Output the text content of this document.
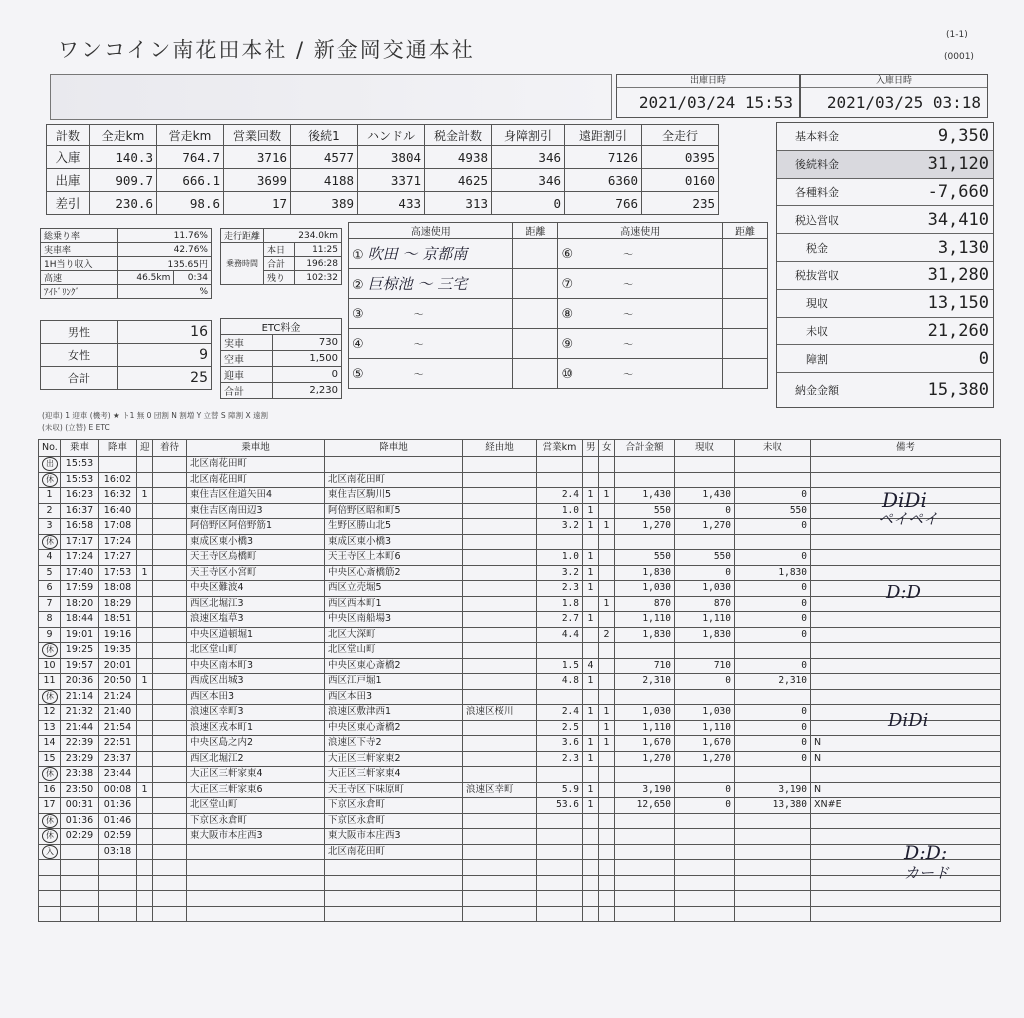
ワンコイン南花田本社 / 新金岡交通本社
(1-1)
(0001)
出庫日時
2021/03/24 15:53
入庫日時
2021/03/25 03:18
計数	全走km	営走km	営業回数	後続1	ハンドル	税金計数	身障割引	遠距割引	全走行
入庫	140.3	764.7	3716	4577	3804	4938	346	7126	0395
出庫	909.7	666.1	3699	4188	3371	4625	346	6360	0160
差引	230.6	98.6	17	389	433	313	0	766	235
基本料金	9,350
後続料金	31,120
各種料金	-7,660
税込営収	34,410
税金	3,130
税抜営収	31,280
現収	13,150
未収	21,260
障割	0
納金金額	15,380
総乗り率	11.76%	
実車率	42.76%	
1H当り収入	135.65円	
高速	46.5km	0:34
ｱｲﾄﾞﾘﾝｸﾞ	%	
男性	16
女性	9
合計	25
走行距離	234.0km	
乗務時間	本日	11:25
	合計	196:28
	残り	102:32
ETC料金	
実車	730
空車	1,500
迎車	0
合計	2,230
高速使用	距離	高速使用	距離
① 吹田 ～ 京都南		⑥ ～	
② 巨椋池 ～ 三宅		⑦ ～	
③ ～		⑧ ～	
④ ～		⑨ ～	
⑤ ～		⑩ ～	
(迎車) 1 迎車 (機考) ★ ト1 無 0 団割 N 割増 Y 立替 S 障割 X 遠割
(未収) (立替) E ETC
No.	乗車	降車	迎	着待	乗車地	降車地	経由地	営業km	男	女	合計金額	現収	未収	備考
出	15:53				北区南花田町									
休	15:53	16:02			北区南花田町	北区南花田町								
1	16:23	16:32	1		東住吉区住道矢田4	東住吉区駒川5		2.4	1	1	1,430	1,430	0	
2	16:37	16:40			東住吉区南田辺3	阿倍野区昭和町5		1.0	1		550	0	550	
3	16:58	17:08			阿倍野区阿倍野筋1	生野区勝山北5		3.2	1	1	1,270	1,270	0	
休	17:17	17:24			東成区東小橋3	東成区東小橋3								
4	17:24	17:27			天王寺区烏橋町	天王寺区上本町6		1.0	1		550	550	0	
5	17:40	17:53	1		天王寺区小宮町	中央区心斎橋筋2		3.2	1		1,830	0	1,830	
6	17:59	18:08			中央区難波4	西区立売堀5		2.3	1		1,030	1,030	0	
7	18:20	18:29			西区北堀江3	西区西本町1		1.8		1	870	870	0	
8	18:44	18:51			浪速区塩草3	中央区南船場3		2.7	1		1,110	1,110	0	
9	19:01	19:16			中央区道頓堀1	北区大深町		4.4		2	1,830	1,830	0	
休	19:25	19:35			北区堂山町	北区堂山町								
10	19:57	20:01			中央区南本町3	中央区東心斎橋2		1.5	4		710	710	0	
11	20:36	20:50	1		西成区出城3	西区江戸堀1		4.8	1		2,310	0	2,310	
休	21:14	21:24			西区本田3	西区本田3								
12	21:32	21:40			浪速区幸町3	浪速区敷津西1	浪速区桜川	2.4	1	1	1,030	1,030	0	
13	21:44	21:54			浪速区戎本町1	中央区東心斎橋2		2.5		1	1,110	1,110	0	
14	22:39	22:51			中央区島之内2	浪速区下寺2		3.6	1	1	1,670	1,670	0	N
15	23:29	23:37			西区北堀江2	大正区三軒家東2		2.3	1		1,270	1,270	0	N
休	23:38	23:44			大正区三軒家東4	大正区三軒家東4								
16	23:50	00:08	1		大正区三軒家東6	天王寺区下味原町	浪速区幸町	5.9	1		3,190	0	3,190	N
17	00:31	01:36			北区堂山町	下京区永倉町		53.6	1		12,650	0	13,380	XN#E
休	01:36	01:46			下京区永倉町	下京区永倉町								
休	02:29	02:59			東大阪市本庄西3	東大阪市本庄西3								
入		03:18				北区南花田町								

DiDi
ペイペイ
D:D
DiDi
D:D:
カード
